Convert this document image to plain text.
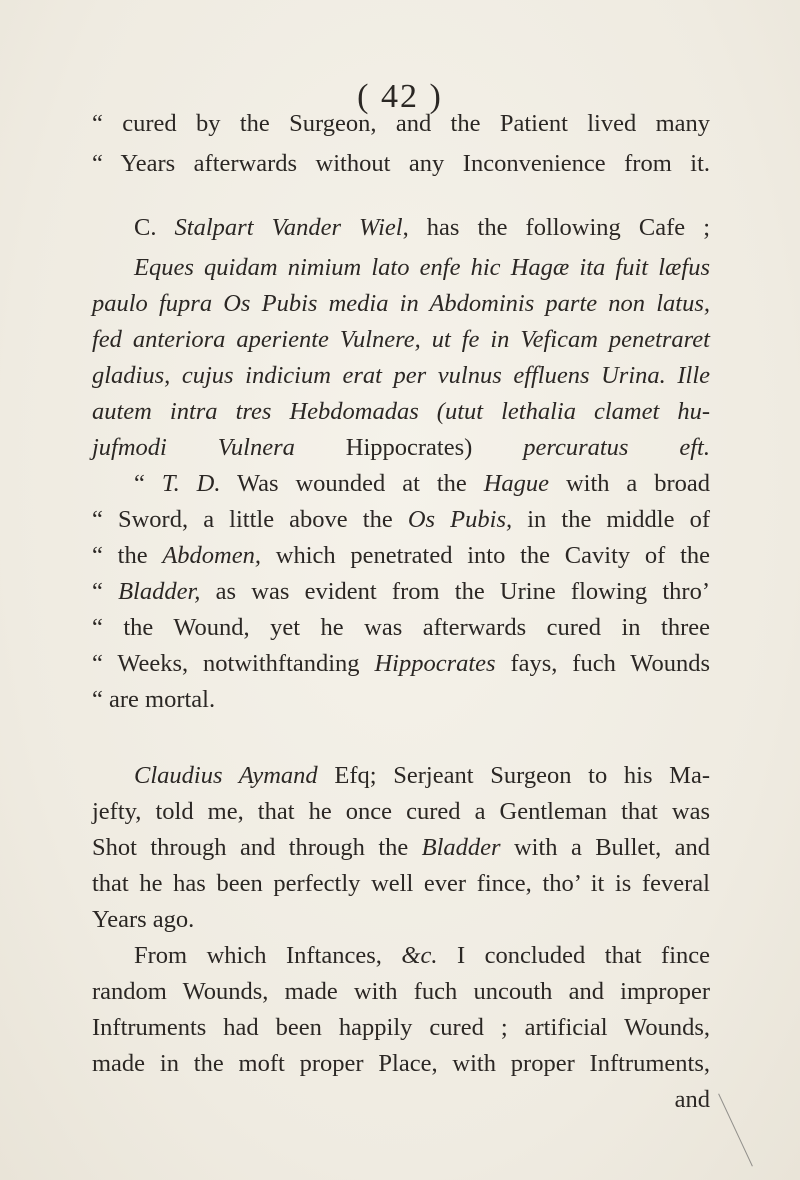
( 42 )
“ cured by the Surgeon, and the Patient lived many
“ Years afterwards without any Inconvenience from it.
C. Stalpart Vander Wiel, has the following Cafe ;
Eques quidam nimium lato enfe hic Hagæ ita fuit læfus
paulo fupra Os Pubis media in Abdominis parte non latus,
fed anteriora aperiente Vulnere, ut fe in Veficam penetraret
gladius, cujus indicium erat per vulnus effluens Urina. Ille
autem intra tres Hebdomadas (utut lethalia clamet hu-
jufmodi Vulnera Hippocrates) percuratus eft.
“ T. D. Was wounded at the Hague with a broad
“ Sword, a little above the Os Pubis, in the middle of
“ the Abdomen, which penetrated into the Cavity of the
“ Bladder, as was evident from the Urine flowing thro’
“ the Wound, yet he was afterwards cured in three
“ Weeks, notwithftanding Hippocrates fays, fuch Wounds
“ are mortal.
Claudius Aymand Efq; Serjeant Surgeon to his Ma-
jefty, told me, that he once cured a Gentleman that was
Shot through and through the Bladder with a Bullet, and
that he has been perfectly well ever fince, tho’ it is feveral
Years ago.
From which Inftances, &c. I concluded that fince
random Wounds, made with fuch uncouth and improper
Inftruments had been happily cured ; artificial Wounds,
made in the moft proper Place, with proper Inftruments,
and
